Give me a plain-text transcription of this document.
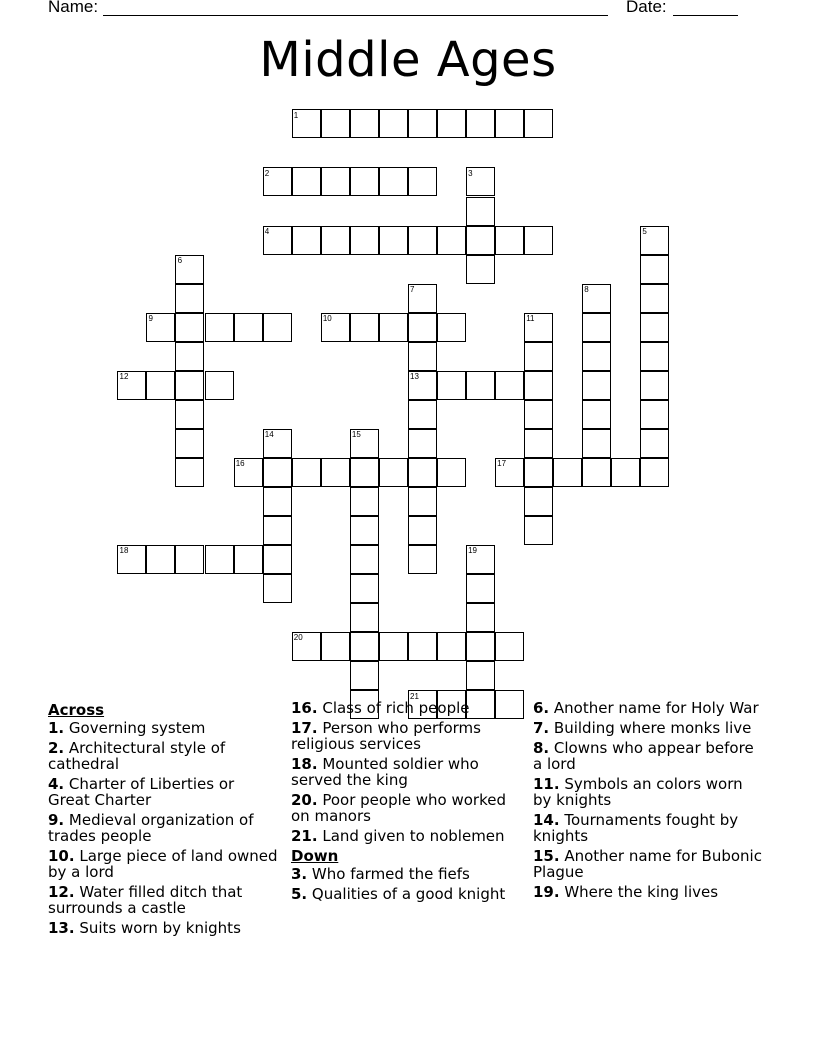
Name:	Date:
Middle Ages
1
2	3
4	5
6
7	8
9	10	11
12	13
14	15
16	17
18	19
20
21
Across
1. Governing system
2. Architectural style of cathedral
4. Charter of Liberties or Great Charter
9. Medieval organization of trades people
10. Large piece of land owned by a lord
12. Water filled ditch that surrounds a castle
13. Suits worn by knights
16. Class of rich people
17. Person who performs religious services
18. Mounted soldier who served the king
20. Poor people who worked on manors
21. Land given to noblemen
Down
3. Who farmed the fiefs
5. Qualities of a good knight
6. Another name for Holy War
7. Building where monks live
8. Clowns who appear before a lord
11. Symbols an colors worn by knights
14. Tournaments fought by knights
15. Another name for Bubonic Plague
19. Where the king lives
